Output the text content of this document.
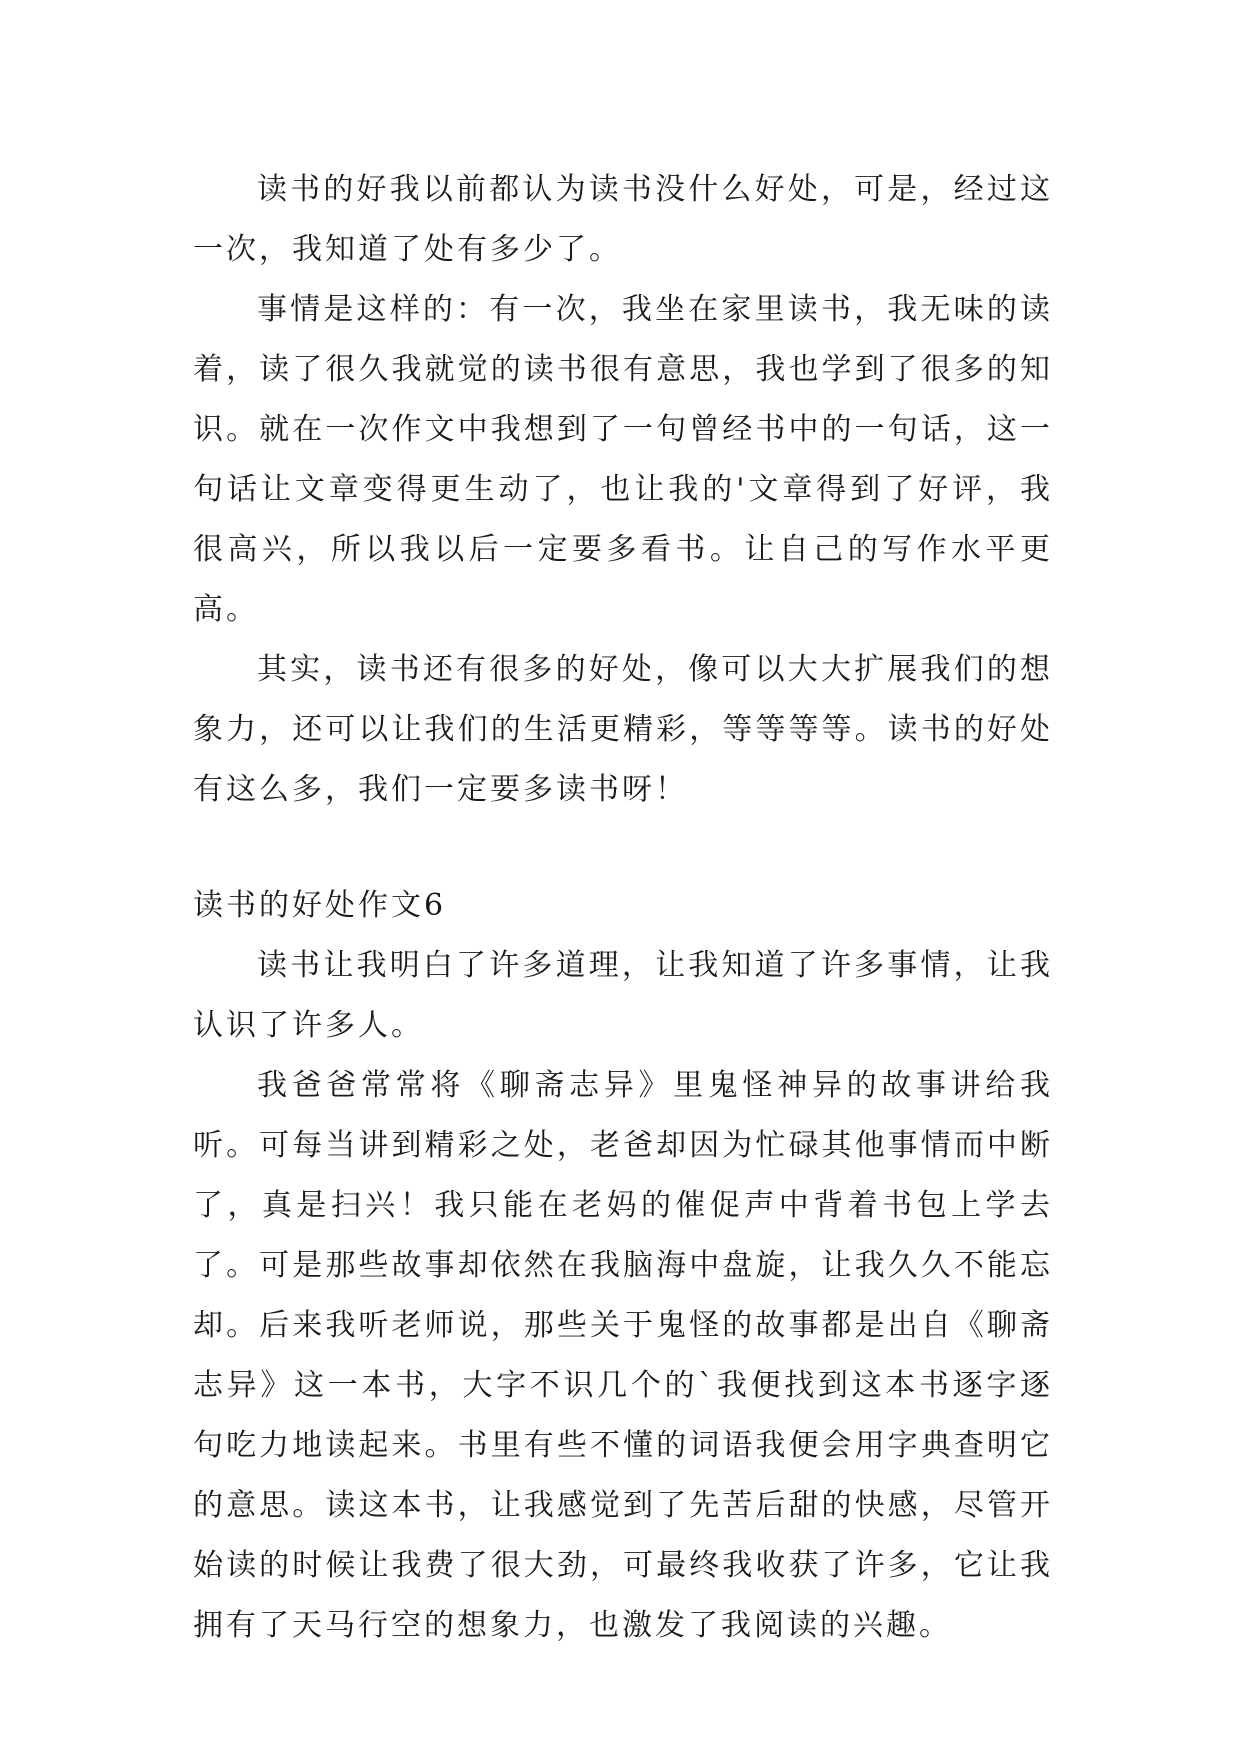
读书的好我以前都认为读书没什么好处，可是，经过这一次，我知道了处有多少了。

事情是这样的：有一次，我坐在家里读书，我无味的读着，读了很久我就觉的读书很有意思，我也学到了很多的知识。就在一次作文中我想到了一句曾经书中的一句话，这一句话让文章变得更生动了，也让我的'文章得到了好评，我很高兴，所以我以后一定要多看书。让自己的写作水平更高。

其实，读书还有很多的好处，像可以大大扩展我们的想象力，还可以让我们的生活更精彩，等等等等。读书的好处有这么多，我们一定要多读书呀！

读书的好处作文6

读书让我明白了许多道理，让我知道了许多事情，让我认识了许多人。

我爸爸常常将《聊斋志异》里鬼怪神异的故事讲给我听。可每当讲到精彩之处，老爸却因为忙碌其他事情而中断了，真是扫兴！我只能在老妈的催促声中背着书包上学去了。可是那些故事却依然在我脑海中盘旋，让我久久不能忘却。后来我听老师说，那些关于鬼怪的故事都是出自《聊斋志异》这一本书，大字不识几个的`我便找到这本书逐字逐句吃力地读起来。书里有些不懂的词语我便会用字典查明它的意思。读这本书，让我感觉到了先苦后甜的快感，尽管开始读的时候让我费了很大劲，可最终我收获了许多，它让我拥有了天马行空的想象力，也激发了我阅读的兴趣。
